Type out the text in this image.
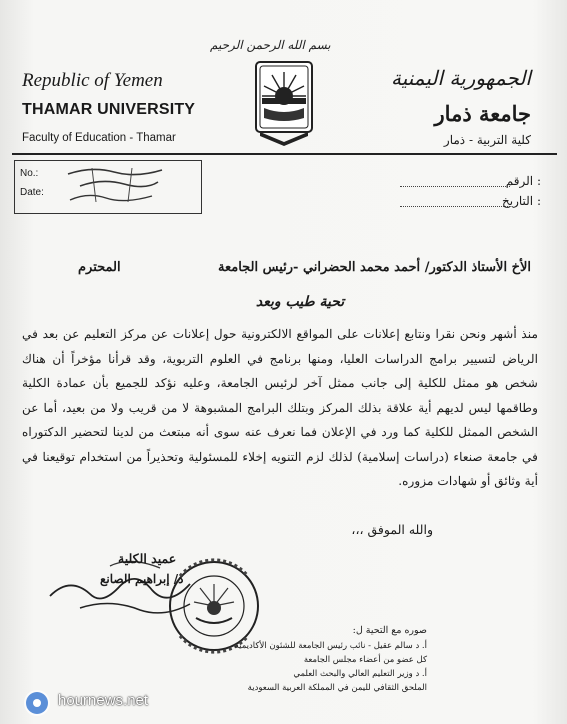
بسم الله الرحمن الرحيم
Republic of Yemen
THAMAR UNIVERSITY
Faculty of Education - Thamar
الجمهورية اليمنية
جامعة ذمار
كلية التربية - ذمار
No.:
Date:
: الرقم
: التاريخ
الأخ الأستاذ الدكتور/ أحمد محمد الحضراني -رئيس الجامعة
المحترم
تحية طيب وبعد
منذ أشهر ونحن نقرا ونتابع إعلانات على المواقع الالكترونية حول إعلانات عن مركز التعليم عن بعد في الرياض لتسيير برامج الدراسات العليا، ومنها برنامج في العلوم التربوية، وقد قرأنا مؤخراً أن هناك شخص هو ممثل للكلية إلى جانب ممثل آخر لرئيس الجامعة، وعليه نؤكد للجميع بأن عمادة الكلية وطاقمها ليس لديهم أية علاقة بذلك المركز وبتلك البرامج المشبوهة لا من قريب ولا من بعيد، أما عن الشخص الممثل للكلية كما ورد في الإعلان فما نعرف عنه سوى أنه مبتعث من لدينا لتحضير الدكتوراه في جامعة صنعاء (دراسات إسلامية) لذلك لزم التنويه إخلاء للمسئولية وتحذيراً من استخدام توقيعنا في أية وثائق أو شهادات مزوره.
والله الموفق ،،،
عميد الكلية
د/ إبراهيم الصانع
صوره مع التحية ل:
أ. د سالم عقيل - نائب رئيس الجامعة للشئون الأكاديمية
كل عضو من أعضاء مجلس الجامعة
أ. د وزير التعليم العالي والبحث العلمي
الملحق الثقافي لليمن في المملكة العربية السعودية
hournews.net
